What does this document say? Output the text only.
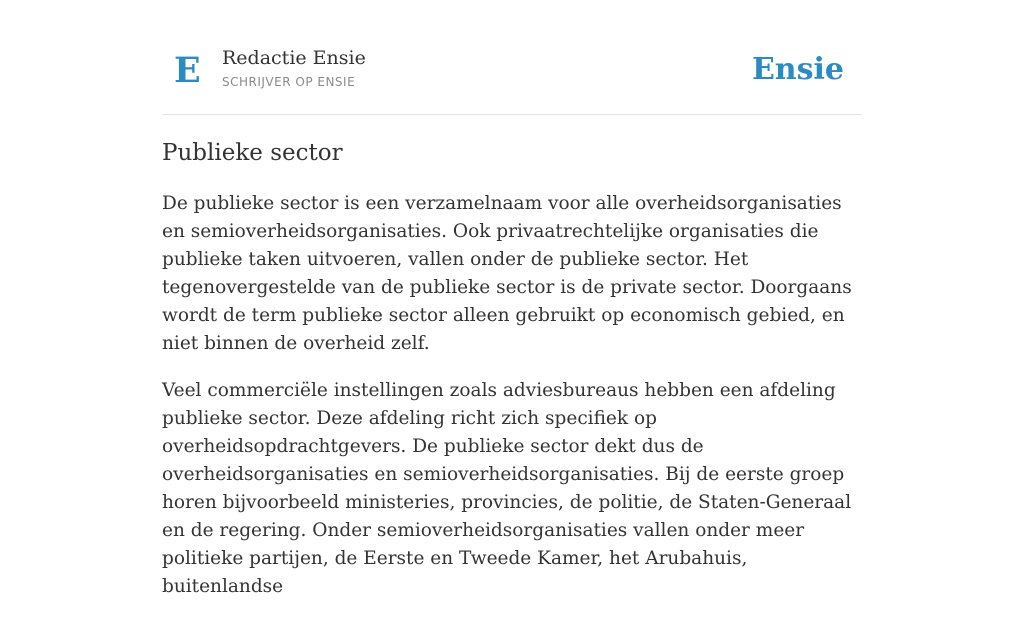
E Redactie Ensie
SCHRIJVER OP ENSIE	Ensie
Publieke sector

De publieke sector is een verzamelnaam voor alle overheidsorganisaties en semioverheidsorganisaties. Ook privaatrechtelijke organisaties die publieke taken uitvoeren, vallen onder de publieke sector. Het tegenovergestelde van de publieke sector is de private sector. Doorgaans wordt de term publieke sector alleen gebruikt op economisch gebied, en niet binnen de overheid zelf.

Veel commerciële instellingen zoals adviesbureaus hebben een afdeling publieke sector. Deze afdeling richt zich specifiek op overheidsopdrachtgevers. De publieke sector dekt dus de overheidsorganisaties en semioverheidsorganisaties. Bij de eerste groep horen bijvoorbeeld ministeries, provincies, de politie, de Staten-Generaal en de regering. Onder semioverheidsorganisaties vallen onder meer politieke partijen, de Eerste en Tweede Kamer, het Arubahuis, buitenlandse
